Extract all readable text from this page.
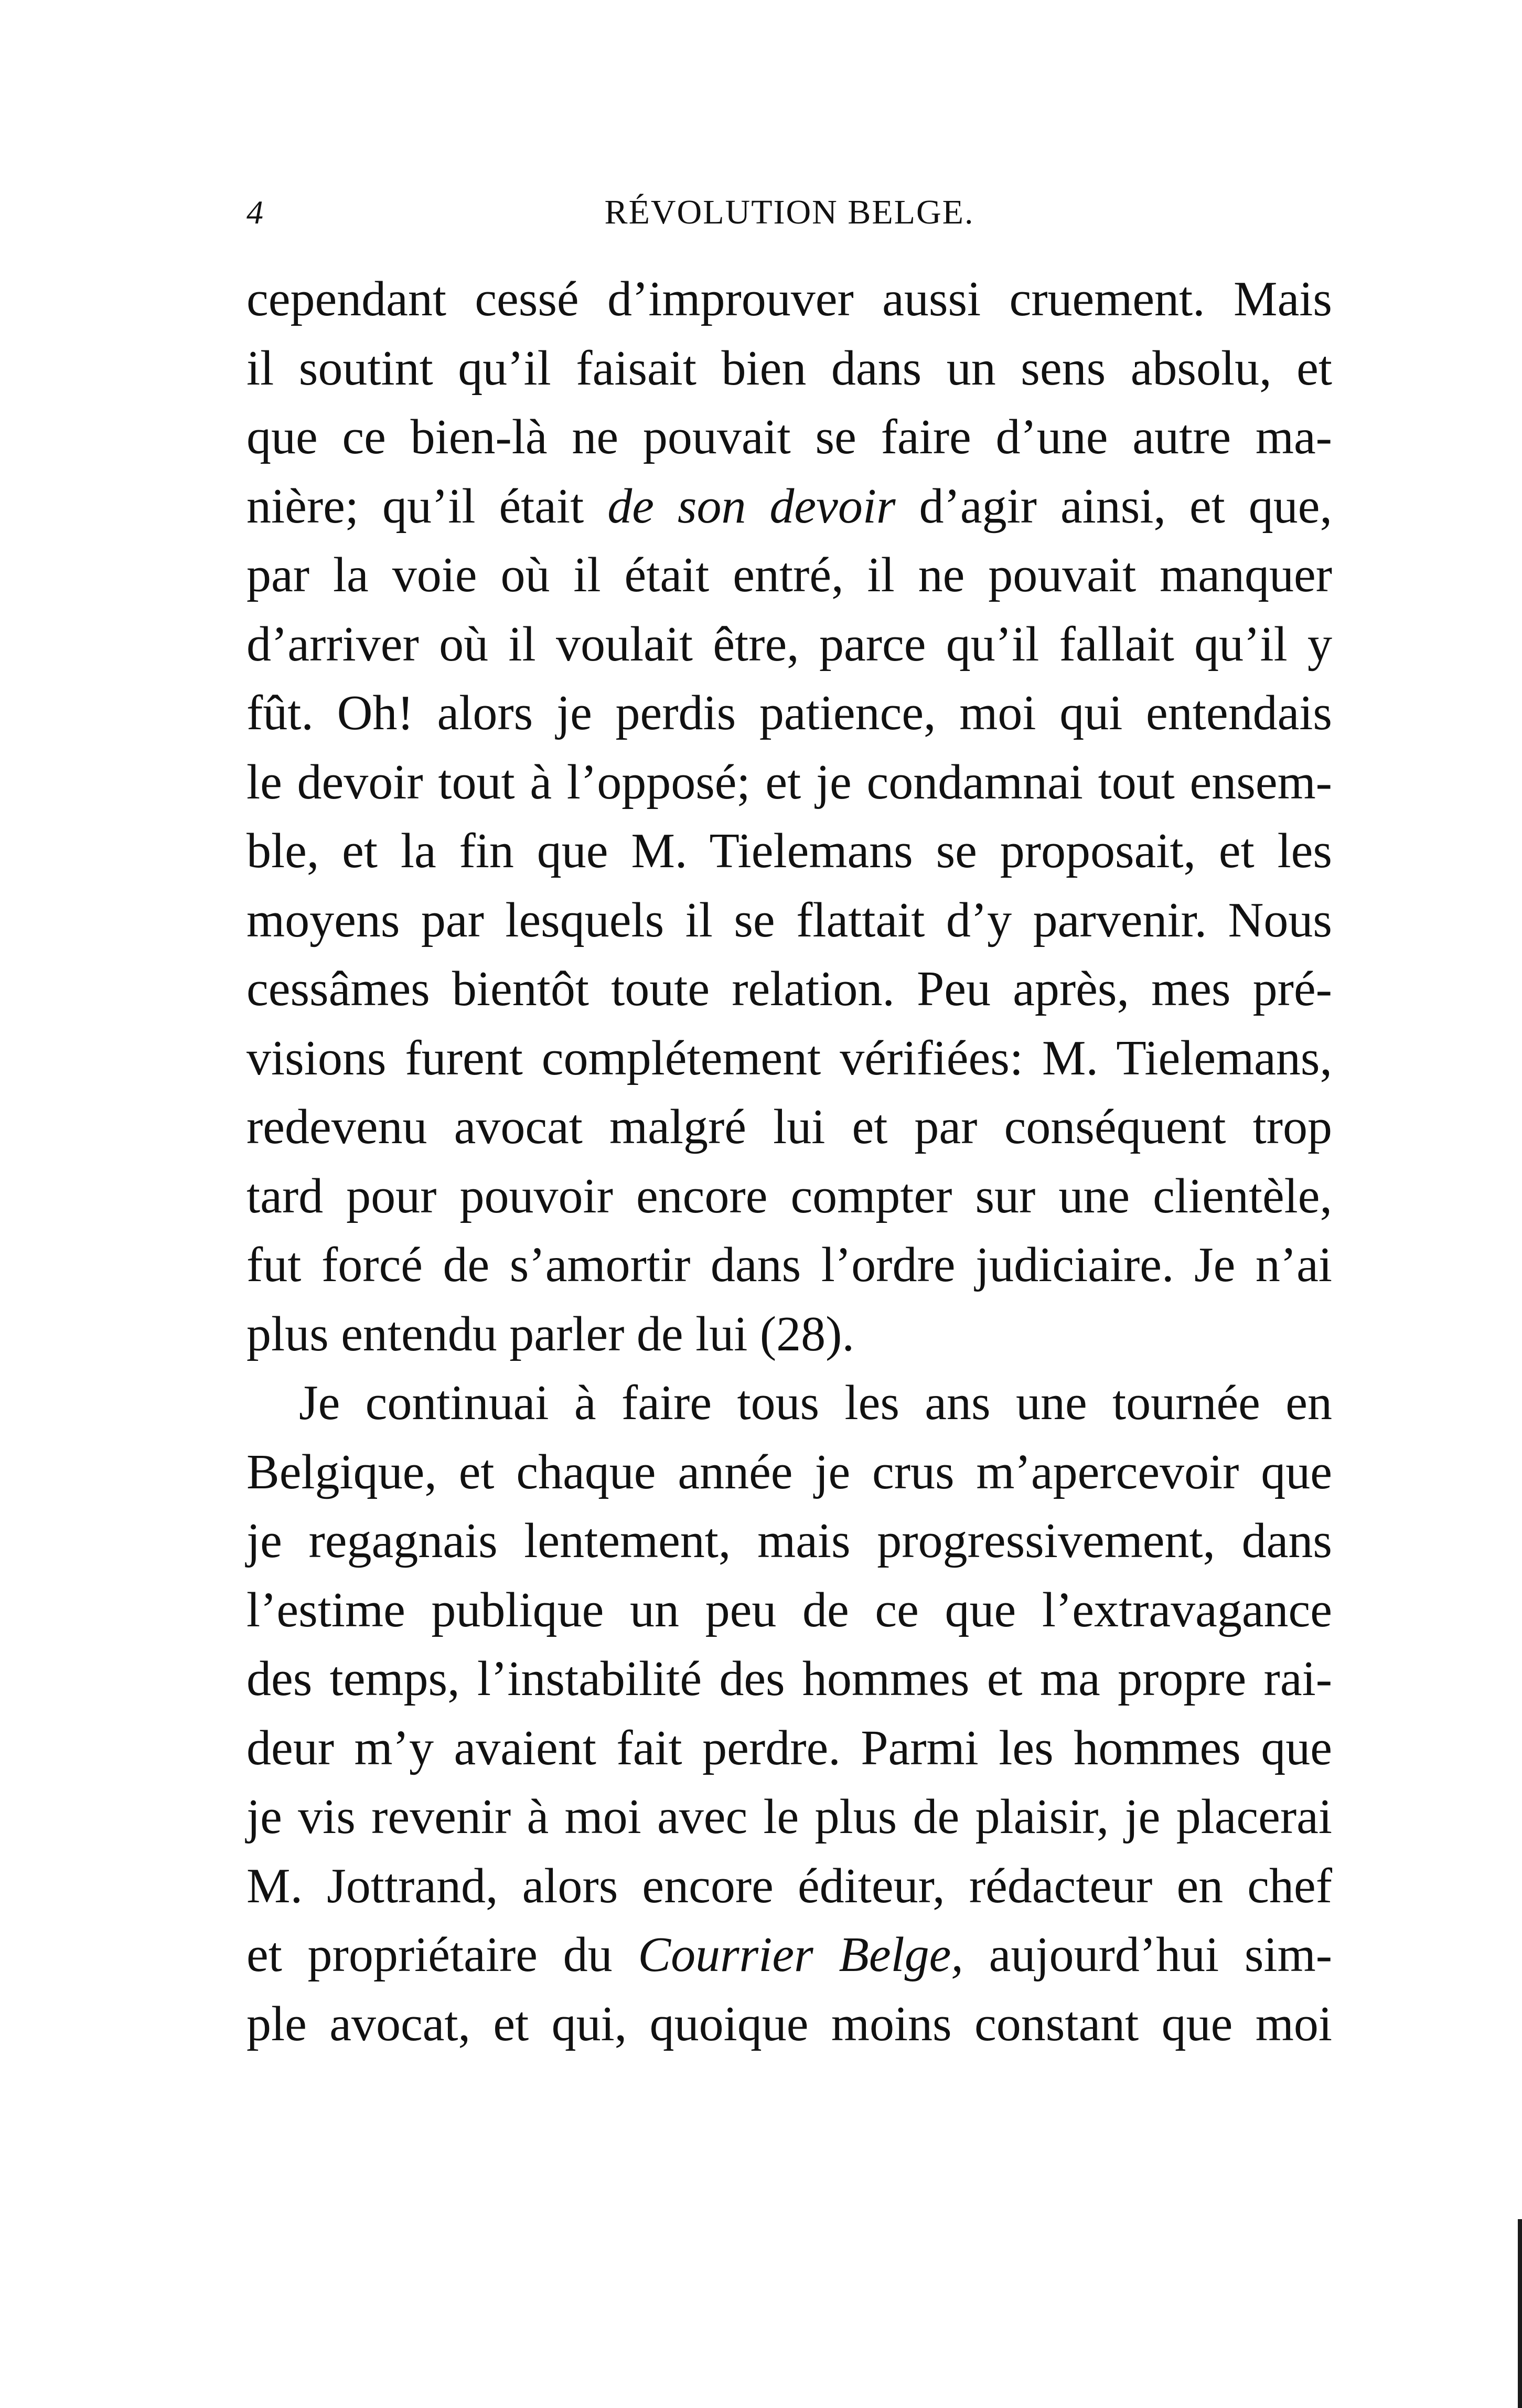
4	RÉVOLUTION BELGE.
cependant cessé d’improuver aussi cruement. Mais
il soutint qu’il faisait bien dans un sens absolu, et
que ce bien-là ne pouvait se faire d’une autre ma-
nière; qu’il était de son devoir d’agir ainsi, et que,
par la voie où il était entré, il ne pouvait manquer
d’arriver où il voulait être, parce qu’il fallait qu’il y
fût. Oh! alors je perdis patience, moi qui entendais
le devoir tout à l’opposé; et je condamnai tout ensem-
ble, et la fin que M. Tielemans se proposait, et les
moyens par lesquels il se flattait d’y parvenir. Nous
cessâmes bientôt toute relation. Peu après, mes pré-
visions furent complétement vérifiées: M. Tielemans,
redevenu avocat malgré lui et par conséquent trop
tard pour pouvoir encore compter sur une clientèle,
fut forcé de s’amortir dans l’ordre judiciaire. Je n’ai
plus entendu parler de lui (28).
Je continuai à faire tous les ans une tournée en
Belgique, et chaque année je crus m’apercevoir que
je regagnais lentement, mais progressivement, dans
l’estime publique un peu de ce que l’extravagance
des temps, l’instabilité des hommes et ma propre rai-
deur m’y avaient fait perdre. Parmi les hommes que
je vis revenir à moi avec le plus de plaisir, je placerai
M. Jottrand, alors encore éditeur, rédacteur en chef
et propriétaire du Courrier Belge, aujourd’hui sim-
ple avocat, et qui, quoique moins constant que moi
